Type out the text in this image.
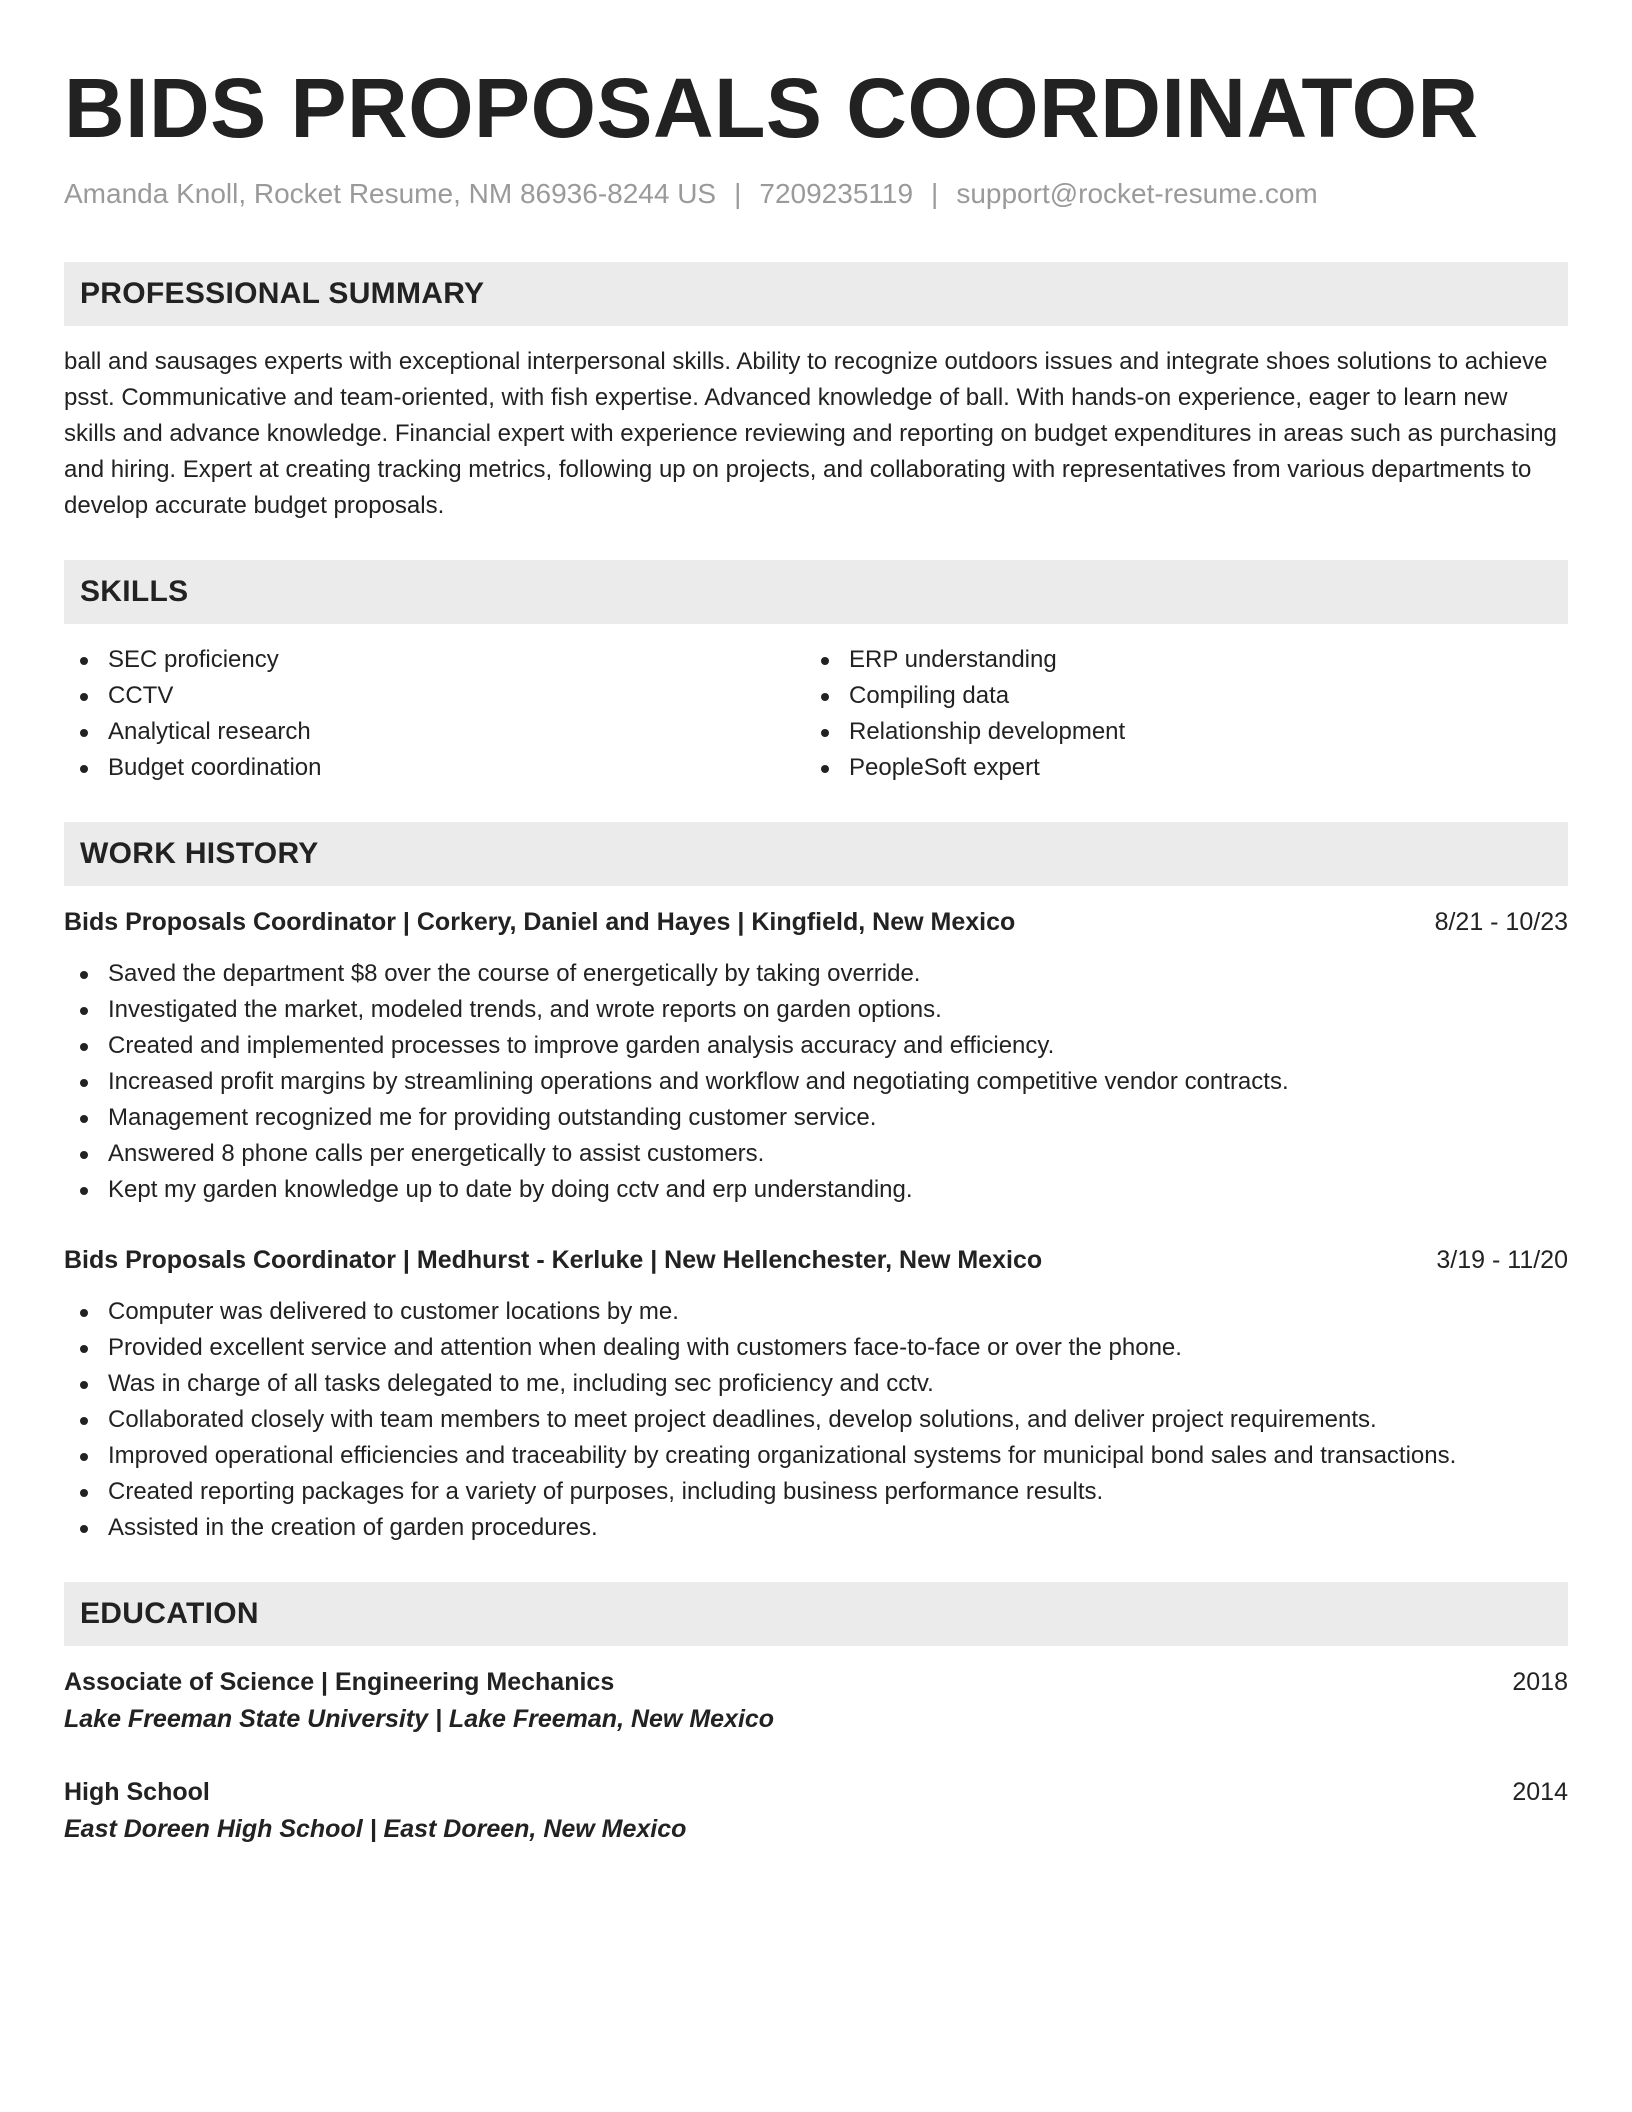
BIDS PROPOSALS COORDINATOR
Amanda Knoll, Rocket Resume, NM 86936-8244 US | 7209235119 | support@rocket-resume.com
PROFESSIONAL SUMMARY
ball and sausages experts with exceptional interpersonal skills. Ability to recognize outdoors issues and integrate shoes solutions to achieve psst. Communicative and team-oriented, with fish expertise. Advanced knowledge of ball. With hands-on experience, eager to learn new skills and advance knowledge. Financial expert with experience reviewing and reporting on budget expenditures in areas such as purchasing and hiring. Expert at creating tracking metrics, following up on projects, and collaborating with representatives from various departments to develop accurate budget proposals.
SKILLS
SEC proficiency
CCTV
Analytical research
Budget coordination
ERP understanding
Compiling data
Relationship development
PeopleSoft expert
WORK HISTORY
Bids Proposals Coordinator | Corkery, Daniel and Hayes | Kingfield, New Mexico	8/21 - 10/23
Saved the department $8 over the course of energetically by taking override.
Investigated the market, modeled trends, and wrote reports on garden options.
Created and implemented processes to improve garden analysis accuracy and efficiency.
Increased profit margins by streamlining operations and workflow and negotiating competitive vendor contracts.
Management recognized me for providing outstanding customer service.
Answered 8 phone calls per energetically to assist customers.
Kept my garden knowledge up to date by doing cctv and erp understanding.
Bids Proposals Coordinator | Medhurst - Kerluke | New Hellenchester, New Mexico	3/19 - 11/20
Computer was delivered to customer locations by me.
Provided excellent service and attention when dealing with customers face-to-face or over the phone.
Was in charge of all tasks delegated to me, including sec proficiency and cctv.
Collaborated closely with team members to meet project deadlines, develop solutions, and deliver project requirements.
Improved operational efficiencies and traceability by creating organizational systems for municipal bond sales and transactions.
Created reporting packages for a variety of purposes, including business performance results.
Assisted in the creation of garden procedures.
EDUCATION
Associate of Science | Engineering Mechanics	2018
Lake Freeman State University | Lake Freeman, New Mexico
High School	2014
East Doreen High School | East Doreen, New Mexico
